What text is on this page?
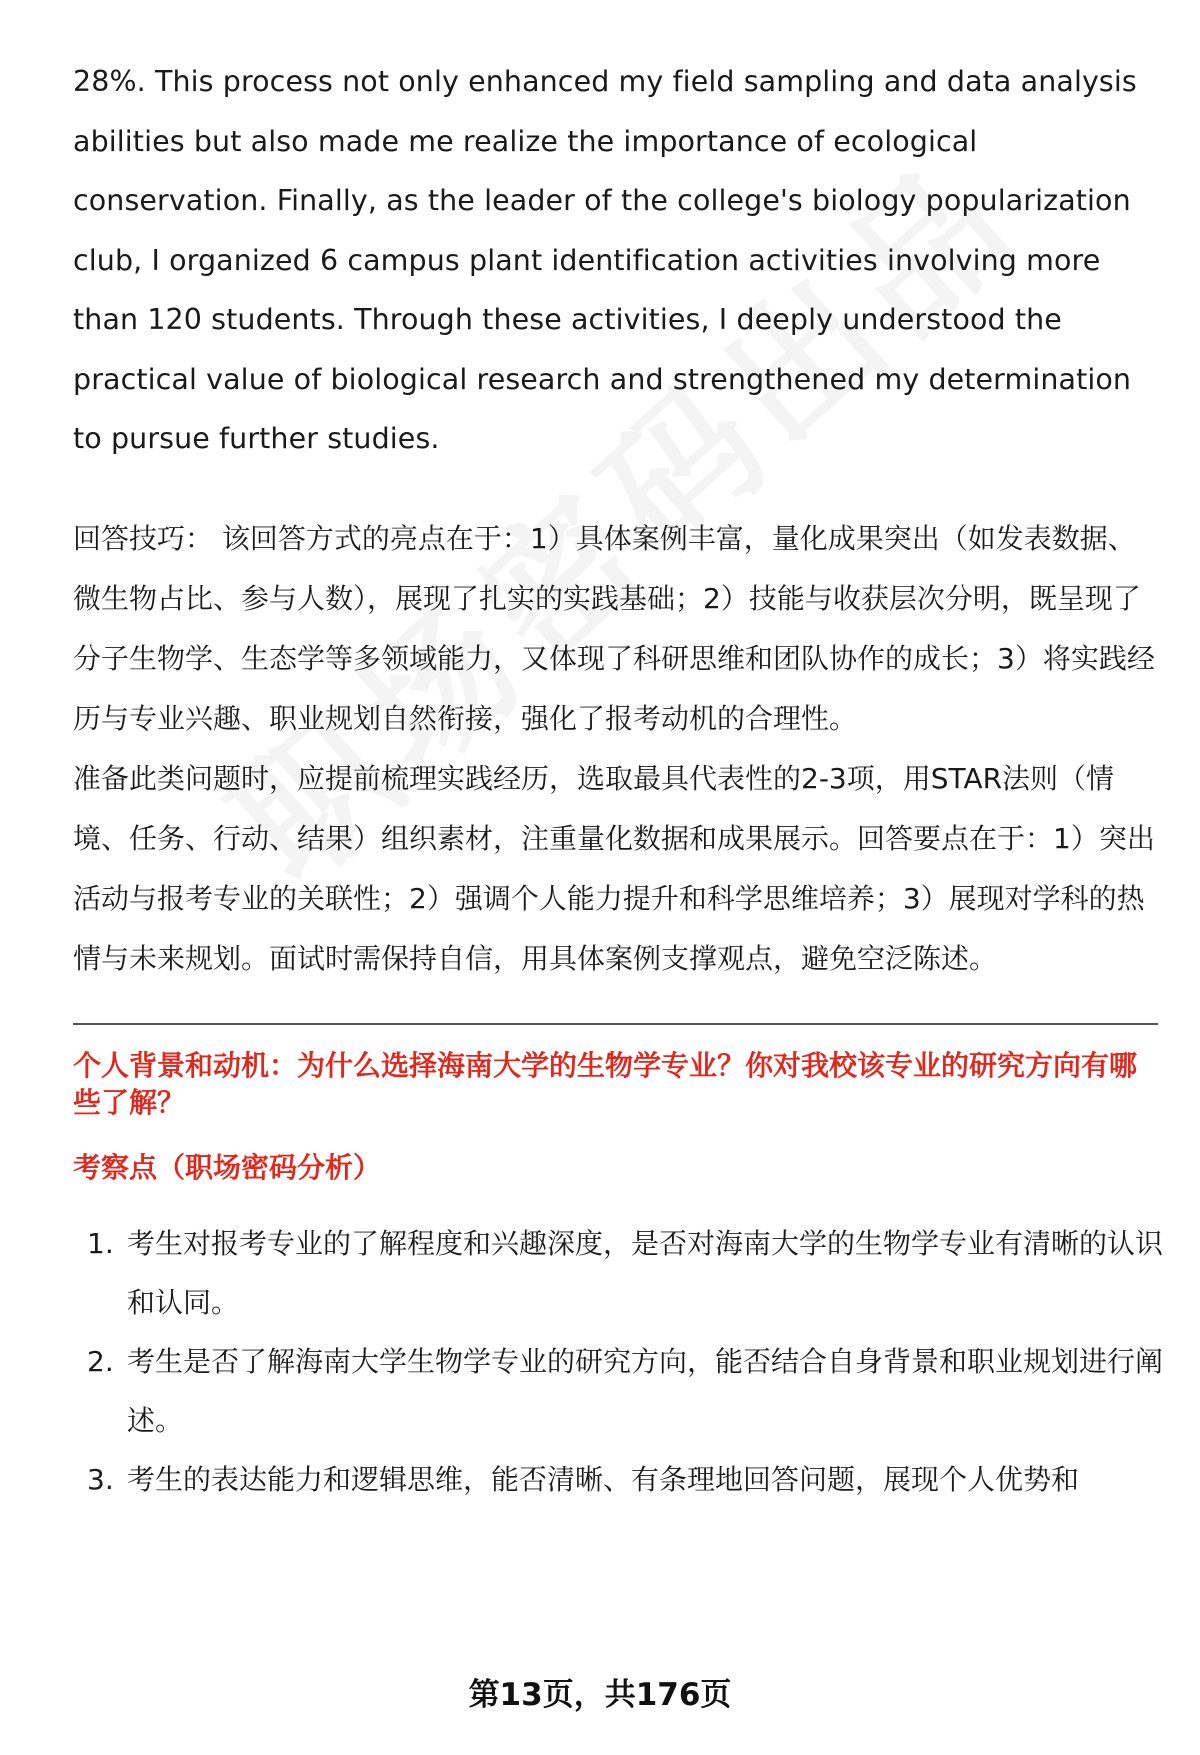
28%. This process not only enhanced my field sampling and data analysis abilities but also made me realize the importance of ecological conservation. Finally, as the leader of the college's biology popularization club, I organized 6 campus plant identification activities involving more than 120 students. Through these activities, I deeply understood the practical value of biological research and strengthened my determination to pursue further studies.

回答技巧： 该回答方式的亮点在于：1）具体案例丰富，量化成果突出（如发表数据、微生物占比、参与人数），展现了扎实的实践基础；2）技能与收获层次分明，既呈现了分子生物学、生态学等多领域能力，又体现了科研思维和团队协作的成长；3）将实践经历与专业兴趣、职业规划自然衔接，强化了报考动机的合理性。

准备此类问题时，应提前梳理实践经历，选取最具代表性的2-3项，用STAR法则（情境、任务、行动、结果）组织素材，注重量化数据和成果展示。回答要点在于：1）突出活动与报考专业的关联性；2）强调个人能力提升和科学思维培养；3）展现对学科的热情与未来规划。面试时需保持自信，用具体案例支撑观点，避免空泛陈述。

个人背景和动机：为什么选择海南大学的生物学专业？你对我校该专业的研究方向有哪些了解？
考察点（职场密码分析）
1. 考生对报考专业的了解程度和兴趣深度，是否对海南大学的生物学专业有清晰的认识和认同。
2. 考生是否了解海南大学生物学专业的研究方向，能否结合自身背景和职业规划进行阐述。
3. 考生的表达能力和逻辑思维，能否清晰、有条理地回答问题，展现个人优势和
第13页，共176页
